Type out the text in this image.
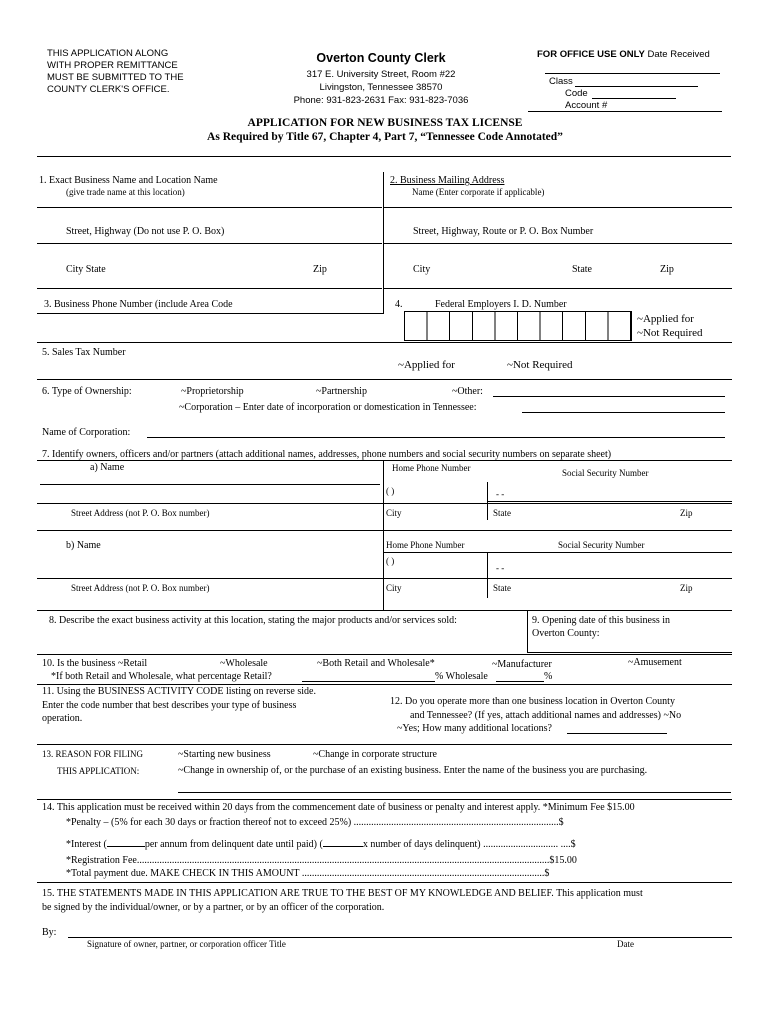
THIS APPLICATION ALONG
WITH PROPER REMITTANCE
MUST BE SUBMITTED TO THE
COUNTY CLERK'S OFFICE.
Overton County Clerk
317 E. University Street, Room #22
Livingston, Tennessee 38570
Phone: 931-823-2631 Fax: 931-823-7036
FOR OFFICE USE ONLY Date Received
Class
Code
Account #
APPLICATION FOR NEW BUSINESS TAX LICENSE
As Required by Title 67, Chapter 4, Part 7, “Tennessee Code Annotated”
1. Exact Business Name and Location Name
(give trade name at this location)
Street, Highway (Do not use P. O. Box)
City State	Zip
2. Business Mailing Address
Name (Enter corporate if applicable)
Street, Highway, Route or P. O. Box Number
City	State	Zip
3. Business Phone Number (include Area Code	4.	Federal Employers I. D. Number
~Applied for
~Not Required
5. Sales Tax Number
~Applied for	~Not Required
6. Type of Ownership:	~Proprietorship	~Partnership	~Other:
~Corporation – Enter date of incorporation or domestication in Tennessee:
Name of Corporation:
7. Identify owners, officers and/or partners (attach additional names, addresses, phone numbers and social security numbers on separate sheet)
a) Name	Home Phone Number	Social Security Number
( )	- -
Street Address (not P. O. Box number)	City	State	Zip
b) Name	Home Phone Number	Social Security Number
( )
- -
Street Address (not P. O. Box number)	City	State	Zip
8. Describe the exact business activity at this location, stating the major products and/or services sold:	9. Opening date of this business in
Overton County:
10. Is the business ~Retail	~Wholesale	~Both Retail and Wholesale*	~Manufacturer	~Amusement
*If both Retail and Wholesale, what percentage Retail?	% Wholesale	%
11. Using the BUSINESS ACTIVITY CODE listing on reverse side.
Enter the code number that best describes your type of business
operation.
12. Do you operate more than one business location in Overton County
and Tennessee? (If yes, attach additional names and addresses) ~No
~Yes; How many additional locations?
13. REASON FOR FILING
THIS APPLICATION:
~Starting new business	~Change in corporate structure
~Change in ownership of, or the purchase of an existing business. Enter the name of the business you are purchasing.
14. This application must be received within 20 days from the commencement date of business or penalty and interest apply. *Minimum Fee $15.00
*Penalty – (5% for each 30 days or fraction thereof not to exceed 25%) ..................................................................................$
*Interest (	per annum from delinquent date until paid) (	x number of days delinquent) .............................. ....$
*Registration Fee.....................................................................................................................................................................$15.00
*Total payment due. MAKE CHECK IN THIS AMOUNT .................................................................................................$
15. THE STATEMENTS MADE IN THIS APPLICATION ARE TRUE TO THE BEST OF MY KNOWLEDGE AND BELIEF. This application must
be signed by the individual/owner, or by a partner, or by an officer of the corporation.
By:
Signature of owner, partner, or corporation officer Title	Date
